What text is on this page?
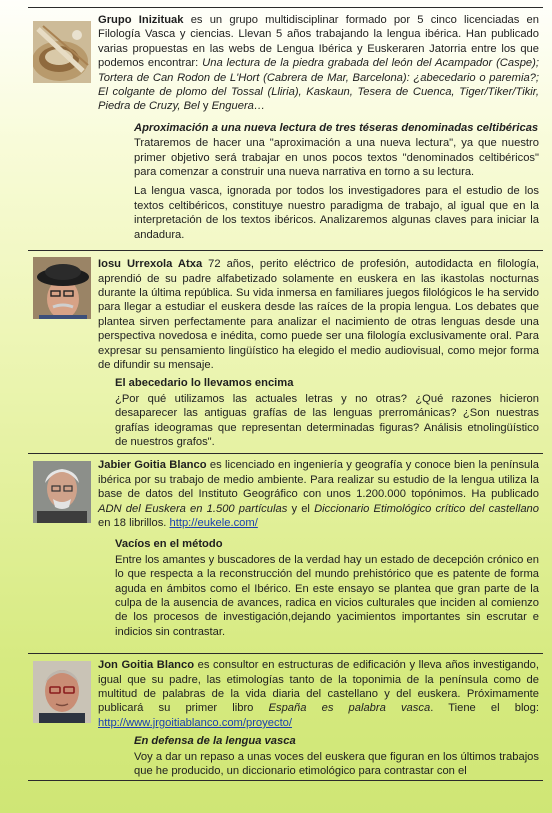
Grupo Inizituak es un grupo multidisciplinar formado por 5 cinco licenciadas en Filología Vasca y ciencias. Llevan 5 años trabajando la lengua ibérica. Han publicado varias propuestas en las webs de Lengua Ibérica y Euskeraren Jatorria entre los que podemos encontrar: Una lectura de la piedra grabada del león del Acampador (Caspe); Tortera de Can Rodon de L'Hort (Cabrera de Mar, Barcelona): ¿abecedario o paremia?; El colgante de plomo del Tossal (Lliria), Kaskaun, Tesera de Cuenca, Tiger/Tiker/Tikir, Piedra de Cruzy, Bel y Enguera…

Aproximación a una nueva lectura de tres téseras denominadas celtibéricas

Trataremos de hacer una "aproximación a una nueva lectura", ya que nuestro primer objetivo será trabajar en unos pocos textos "denominados celtibéricos" para comenzar a construir una nueva narrativa en torno a su lectura.

La lengua vasca, ignorada por todos los investigadores para el estudio de los textos celtibéricos, constituye nuestro paradigma de trabajo, al igual que en la interpretación de los textos ibéricos. Analizaremos algunas claves para iniciar la andadura.

Iosu Urrexola Atxa 72 años, perito eléctrico de profesión, autodidacta en filología, aprendió de su padre alfabetizado solamente en euskera en las ikastolas nocturnas durante la última república. Su vida inmersa en familiares juegos filológicos le ha servido para llegar a estudiar el euskera desde las raíces de la propia lengua. Los debates que plantea sirven perfectamente para analizar el nacimiento de otras lenguas desde una perspectiva novedosa e inédita, como puede ser una filología exclusivamente oral. Para expresar su pensamiento lingüístico ha elegido el medio audiovisual, como mejor forma de difundir su mensaje.

El abecedario lo llevamos encima

¿Por qué utilizamos las actuales letras y no otras? ¿Qué razones hicieron desaparecer las antiguas grafías de las lenguas prerrománicas? ¿Son nuestras grafías ideogramas que representan determinadas figuras? Análisis etnolingüístico de nuestros grafos".

Jabier Goitia Blanco es licenciado en ingeniería y geografía y conoce bien la península ibérica por su trabajo de medio ambiente. Para realizar su estudio de la lengua utiliza la base de datos del Instituto Geográfico con unos 1.200.000 topónimos. Ha publicado ADN del Euskera en 1.500 partículas y el Diccionario Etimológico crítico del castellano en 18 librillos. http://eukele.com/

Vacíos en el método

Entre los amantes y buscadores de la verdad hay un estado de decepción crónico en lo que respecta a la reconstrucción del mundo prehistórico que es patente de forma aguda en ámbitos como el Ibérico. En este ensayo se plantea que gran parte de la culpa de la ausencia de avances, radica en vicios culturales que inciden al comienzo de los procesos de investigación,dejando yacimientos importantes sin escrutar e indicios sin contrastar.

Jon Goitia Blanco es consultor en estructuras de edificación y lleva años investigando, igual que su padre, las etimologías tanto de la toponimia de la península como de multitud de palabras de la vida diaria del castellano y del euskera. Próximamente publicará su primer libro España es palabra vasca. Tiene el blog: http://www.jrgoitiablanco.com/proyecto/

En defensa de la lengua vasca

Voy a dar un repaso a unas voces del euskera que figuran en los últimos trabajos que he producido, un diccionario etimológico para contrastar con el
